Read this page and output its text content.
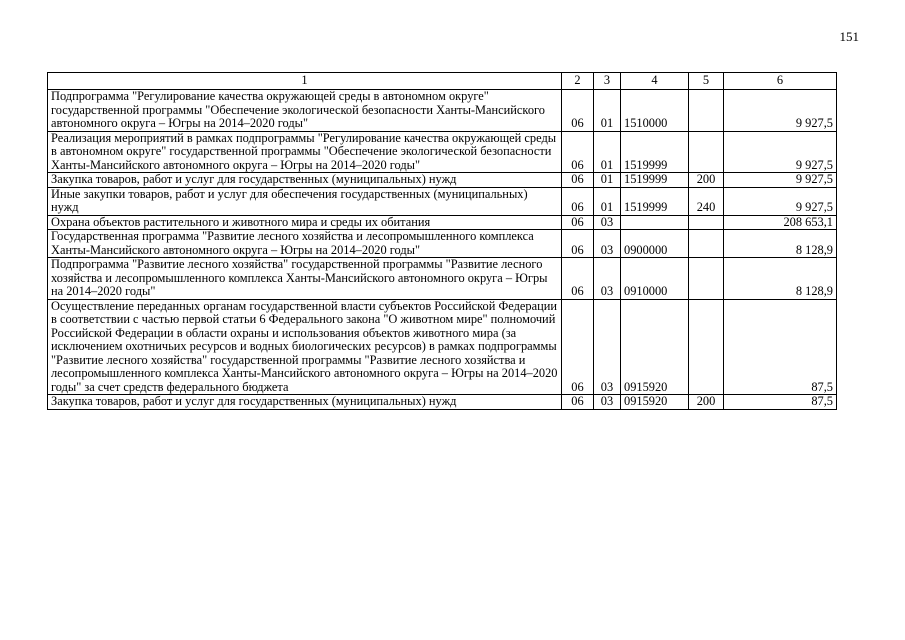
151
1	2	3	4	5	6
Подпрограмма "Регулирование качества окружающей среды в автономном округе" государственной программы "Обеспечение экологической безопасности Ханты-Мансийского автономного округа – Югры на 2014–2020 годы"	06	01	1510000		9 927,5
Реализация мероприятий в рамках подпрограммы "Регулирование качества окружающей среды в автономном округе" государственной программы "Обеспечение экологической безопасности Ханты-Мансийского автономного округа – Югры на 2014–2020 годы"	06	01	1519999		9 927,5
Закупка товаров, работ и услуг для государственных (муниципальных) нужд	06	01	1519999	200	9 927,5
Иные закупки товаров, работ и услуг для обеспечения государственных (муниципальных) нужд	06	01	1519999	240	9 927,5
Охрана объектов растительного и животного мира и среды их обитания	06	03			208 653,1
Государственная программа "Развитие лесного хозяйства и лесопромышленного комплекса Ханты-Мансийского автономного округа – Югры на 2014–2020 годы"	06	03	0900000		8 128,9
Подпрограмма "Развитие лесного хозяйства" государственной программы "Развитие лесного хозяйства и лесопромышленного комплекса Ханты-Мансийского автономного округа – Югры на 2014–2020 годы"	06	03	0910000		8 128,9
Осуществление переданных органам государственной власти субъектов Российской Федерации в соответствии с частью первой статьи 6 Федерального закона "О животном мире" полномочий Российской Федерации в области охраны и использования объектов животного мира (за исключением охотничьих ресурсов и водных биологических ресурсов) в рамках подпрограммы "Развитие лесного хозяйства" государственной программы "Развитие лесного хозяйства и лесопромышленного комплекса Ханты-Мансийского автономного округа – Югры на 2014–2020 годы" за счет средств федерального бюджета	06	03	0915920		87,5
Закупка товаров, работ и услуг для государственных (муниципальных) нужд	06	03	0915920	200	87,5
